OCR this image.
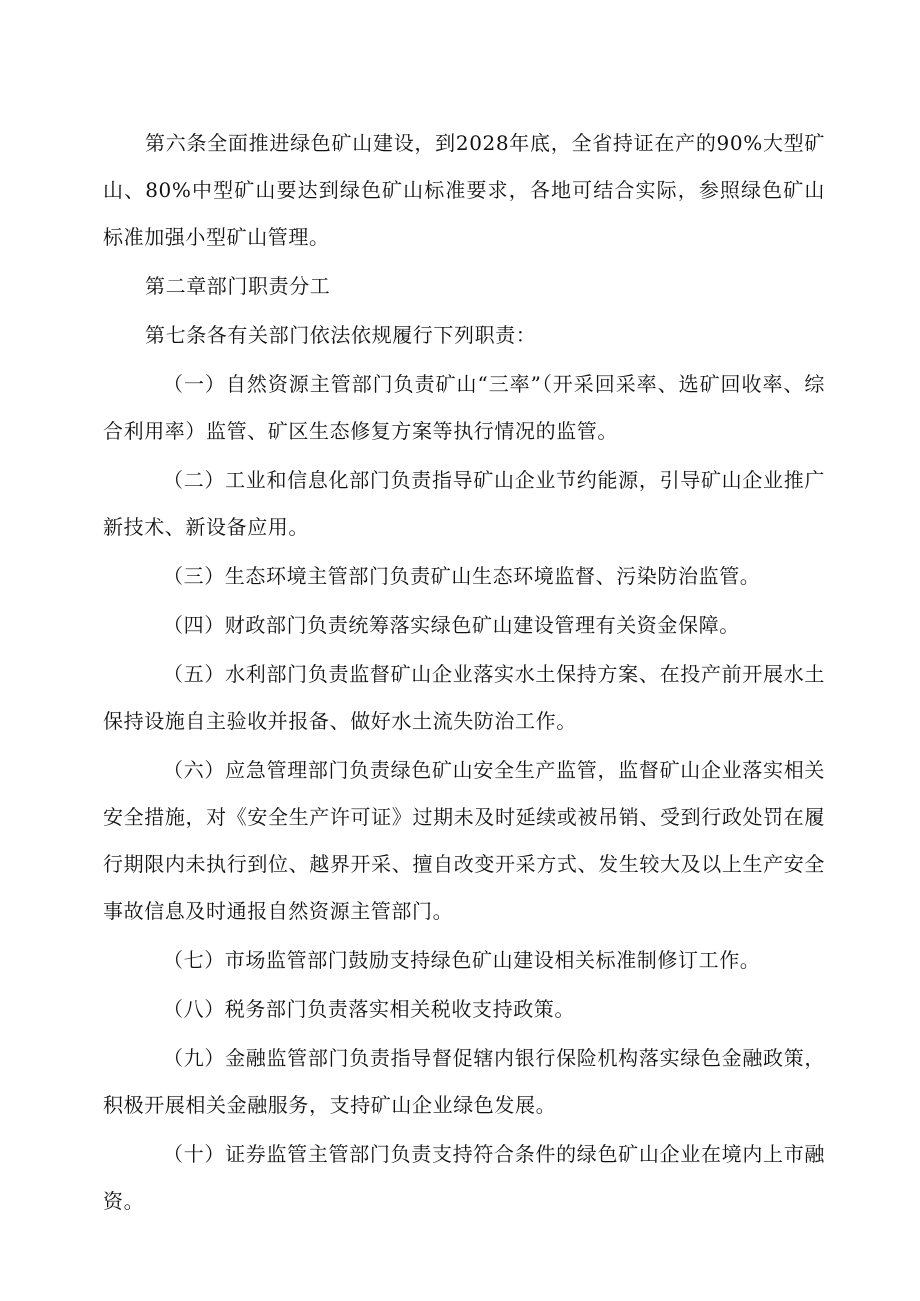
第六条全面推进绿色矿山建设，到2028年底，全省持证在产的90%大型矿山、80%中型矿山要达到绿色矿山标准要求，各地可结合实际，参照绿色矿山标准加强小型矿山管理。

第二章部门职责分工

第七条各有关部门依法依规履行下列职责：

（一）自然资源主管部门负责矿山“三率”（开采回采率、选矿回收率、综合利用率）监管、矿区生态修复方案等执行情况的监管。

（二）工业和信息化部门负责指导矿山企业节约能源，引导矿山企业推广新技术、新设备应用。

（三）生态环境主管部门负责矿山生态环境监督、污染防治监管。

（四）财政部门负责统筹落实绿色矿山建设管理有关资金保障。

（五）水利部门负责监督矿山企业落实水土保持方案、在投产前开展水土保持设施自主验收并报备、做好水土流失防治工作。

（六）应急管理部门负责绿色矿山安全生产监管，监督矿山企业落实相关安全措施，对《安全生产许可证》过期未及时延续或被吊销、受到行政处罚在履行期限内未执行到位、越界开采、擅自改变开采方式、发生较大及以上生产安全事故信息及时通报自然资源主管部门。

（七）市场监管部门鼓励支持绿色矿山建设相关标准制修订工作。

（八）税务部门负责落实相关税收支持政策。

（九）金融监管部门负责指导督促辖内银行保险机构落实绿色金融政策，积极开展相关金融服务，支持矿山企业绿色发展。

（十）证券监管主管部门负责支持符合条件的绿色矿山企业在境内上市融资。
